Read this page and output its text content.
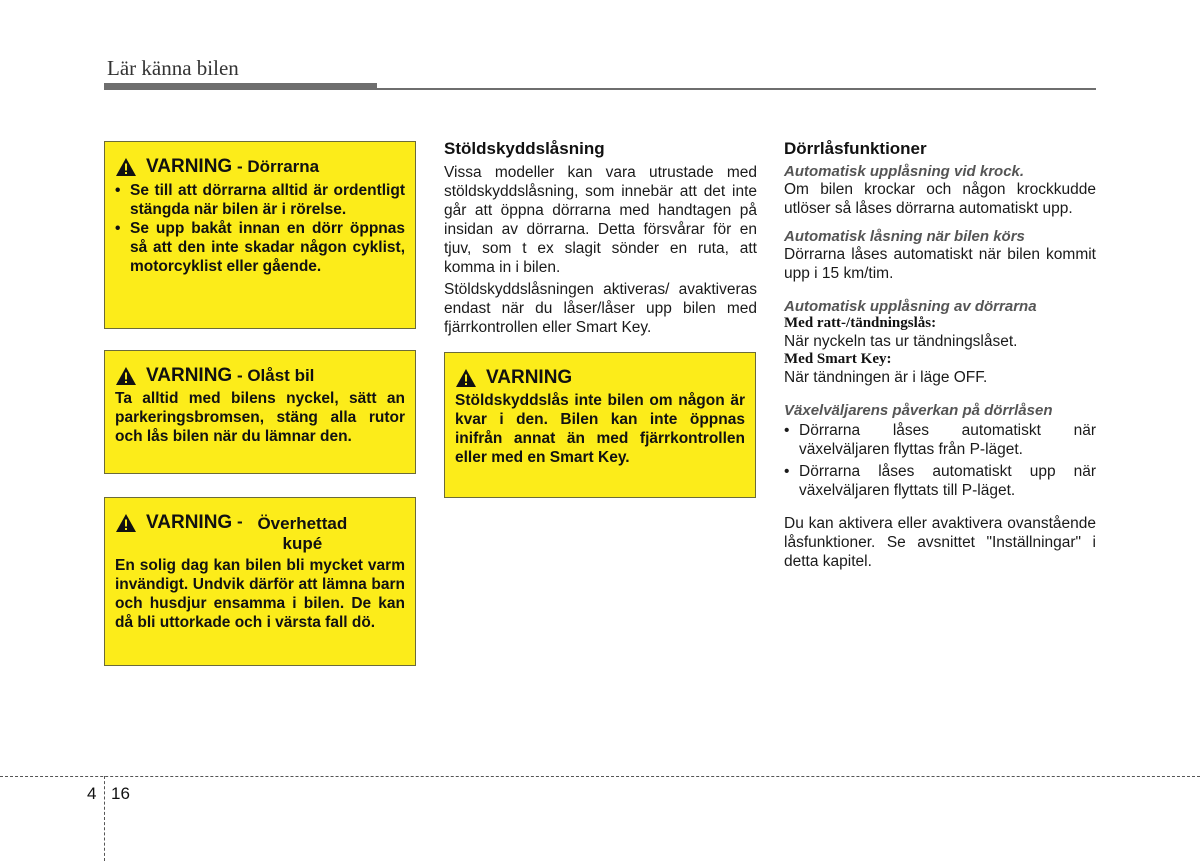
Lär känna bilen
VARNING - Dörrarna
• Se till att dörrarna alltid är ordentligt stängda när bilen är i rörelse.
• Se upp bakåt innan en dörr öppnas så att den inte skadar någon cyklist, motorcyklist eller gående.
VARNING - Olåst bil
Ta alltid med bilens nyckel, sätt an parkeringsbromsen, stäng alla rutor och lås bilen när du lämnar den.
VARNING - Överhettad kupé
En solig dag kan bilen bli mycket varm invändigt. Undvik därför att lämna barn och husdjur ensamma i bilen. De kan då bli uttorkade och i värsta fall dö.
Stöldskyddslåsning

Vissa modeller kan vara utrustade med stöldskyddslåsning, som innebär att det inte går att öppna dörrarna med handtagen på insidan av dörrarna. Detta försvårar för en tjuv, som t ex slagit sönder en ruta, att komma in i bilen.

Stöldskyddslåsningen aktiveras/ avaktiveras endast när du låser/låser upp bilen med fjärrkontrollen eller Smart Key.

VARNING
Stöldskyddslås inte bilen om någon är kvar i den. Bilen kan inte öppnas inifrån annat än med fjärrkontrollen eller med en Smart Key.
Dörrlåsfunktioner
Automatisk upplåsning vid krock.

Om bilen krockar och någon krockkudde utlöser så låses dörrarna automatiskt upp.

Automatisk låsning när bilen körs

Dörrarna låses automatiskt när bilen kommit upp i 15 km/tim.

Automatisk upplåsning av dörrarna
Med ratt-/tändningslås:

När nyckeln tas ur tändningslåset.

Med Smart Key:

När tändningen är i läge OFF.

Växelväljarens påverkan på dörrlåsen
• Dörrarna låses automatiskt när växelväljaren flyttas från P-läget.
• Dörrarna låses automatiskt upp när växelväljaren flyttats till P-läget.

Du kan aktivera eller avaktivera ovanstående låsfunktioner. Se avsnittet "Inställningar" i detta kapitel.

4 16
